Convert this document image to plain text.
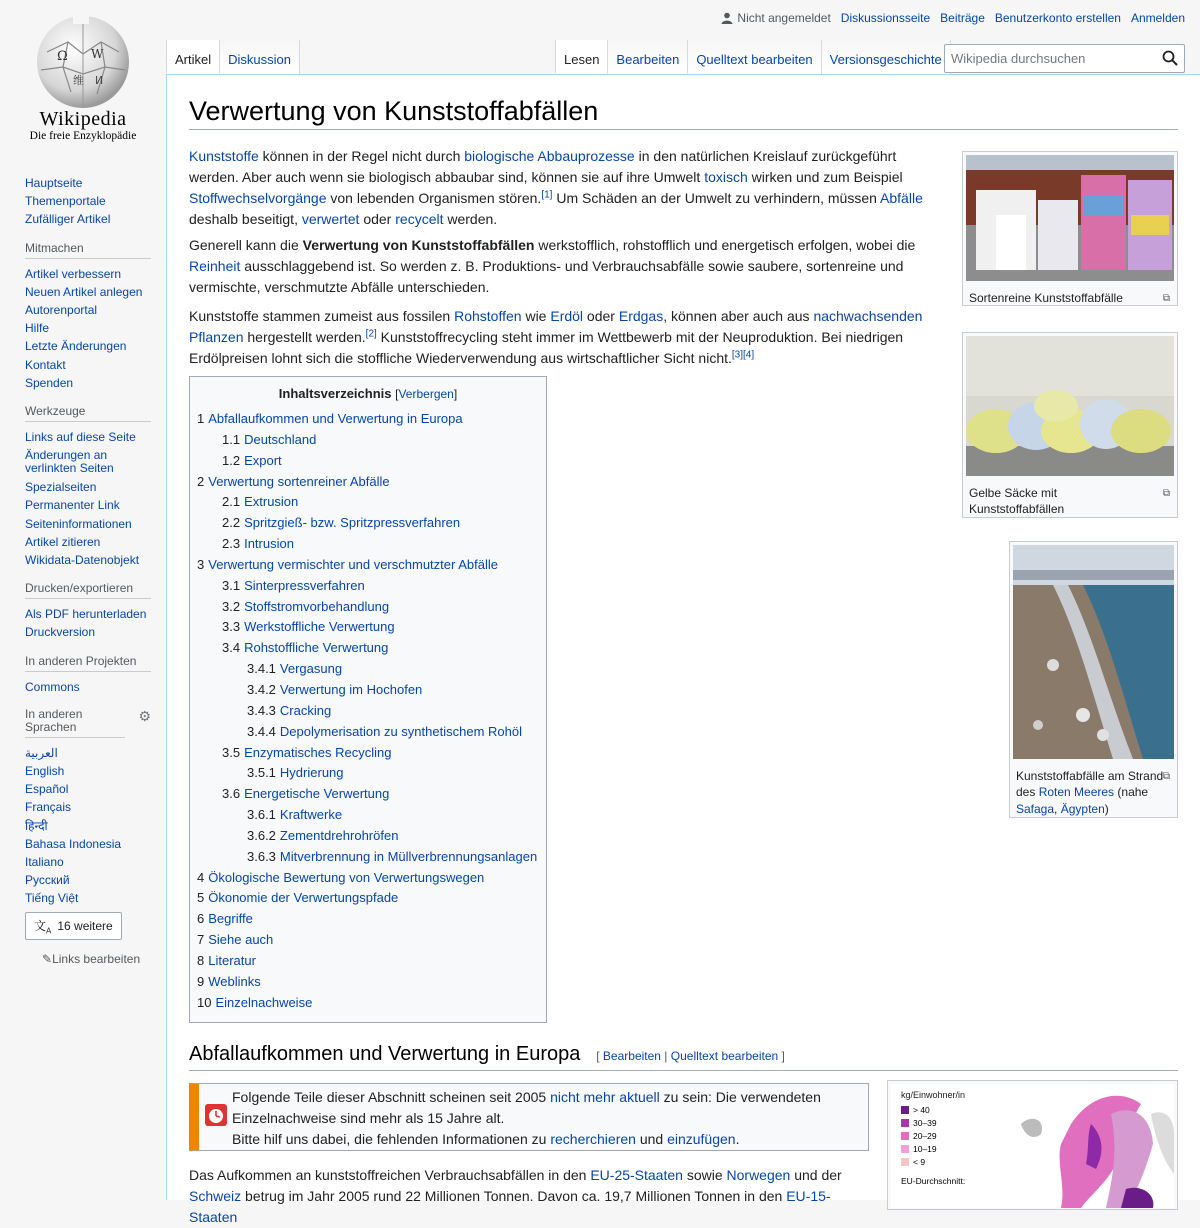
Ω W
维 И
Wikipedia
Die freie Enzyklopädie
Hauptseite
Themenportale
Zufälliger Artikel
Mitmachen
Artikel verbessern
Neuen Artikel anlegen
Autorenportal
Hilfe
Letzte Änderungen
Kontakt
Spenden
Werkzeuge
Links auf diese Seite
Änderungen an verlinkten Seiten
Spezialseiten
Permanenter Link
Seiteninformationen
Artikel zitieren
Wikidata-Datenobjekt
Drucken/exportieren
Als PDF herunterladen
Druckversion
In anderen Projekten
Commons
In anderen Sprachen
⚙
العربية
English
Español
Français
हिन्दी
Bahasa Indonesia
Italiano
Русский
Tiếng Việt
文$_A$ 16 weitere
✎Links bearbeiten
Nicht angemeldet Diskussionsseite Beiträge Benutzerkonto erstellen Anmelden
Artikel	Diskussion	Lesen	Bearbeiten	Quelltext bearbeiten	Versionsgeschichte Wikipedia durchsuchen
Verwertung von Kunststoffabfällen
Kunststoffe können in der Regel nicht durch biologische Abbauprozesse in den natürlichen Kreislauf zurückgeführt werden. Aber auch wenn sie biologisch abbaubar sind, können sie auf ihre Umwelt toxisch wirken und zum Beispiel Stoffwechselvorgänge von lebenden Organismen stören.[1] Um Schäden an der Umwelt zu verhindern, müssen Abfälle deshalb beseitigt, verwertet oder recycelt werden.
Generell kann die Verwertung von Kunststoffabfällen werkstofflich, rohstofflich und energetisch erfolgen, wobei die Reinheit ausschlaggebend ist. So werden z. B. Produktions- und Verbrauchsabfälle sowie saubere, sortenreine und vermischte, verschmutzte Abfälle unterschieden.
Kunststoffe stammen zumeist aus fossilen Rohstoffen wie Erdöl oder Erdgas, können aber auch aus nachwachsenden Pflanzen hergestellt werden.[2] Kunststoffrecycling steht immer im Wettbewerb mit der Neuproduktion. Bei niedrigen Erdölpreisen lohnt sich die stoffliche Wiederverwendung aus wirtschaftlicher Sicht nicht.[3][4]
Sortenreine Kunststoffabfälle	⧉
Gelbe Säcke mit Kunststoffabfällen
⧉
Kunststoffabfälle am Strand des Roten Meeres (nahe Safaga, Ägypten)
⧉
Inhaltsverzeichnis [Verbergen]
1 Abfallaufkommen und Verwertung in Europa
1.1 Deutschland
1.2 Export
2 Verwertung sortenreiner Abfälle
2.1 Extrusion
2.2 Spritzgieß- bzw. Spritzpressverfahren
2.3 Intrusion
3 Verwertung vermischter und verschmutzter Abfälle
3.1 Sinterpressverfahren
3.2 Stoffstromvorbehandlung
3.3 Werkstoffliche Verwertung
3.4 Rohstoffliche Verwertung
3.4.1 Vergasung
3.4.2 Verwertung im Hochofen
3.4.3 Cracking
3.4.4 Depolymerisation zu synthetischem Rohöl
3.5 Enzymatisches Recycling
3.5.1 Hydrierung
3.6 Energetische Verwertung
3.6.1 Kraftwerke
3.6.2 Zementdrehrohröfen
3.6.3 Mitverbrennung in Müllverbrennungsanlagen
4 Ökologische Bewertung von Verwertungswegen
5 Ökonomie der Verwertungspfade
6 Begriffe
7 Siehe auch
8 Literatur
9 Weblinks
10 Einzelnachweise
Abfallaufkommen und Verwertung in Europa [ Bearbeiten | Quelltext bearbeiten ]
Folgende Teile dieser Abschnitt scheinen seit 2005 nicht mehr aktuell zu sein: Die verwendeten Einzelnachweise sind mehr als 15 Jahre alt.
Bitte hilf uns dabei, die fehlenden Informationen zu recherchieren und einzufügen.
Das Aufkommen an kunststoffreichen Verbrauchsabfällen in den EU-25-Staaten sowie Norwegen und der Schweiz betrug im Jahr 2005 rund 22 Millionen Tonnen. Davon ca. 19,7 Millionen Tonnen in den EU-15-Staaten
kg/Einwohner/in
> 40
30–39
20–29
10–19
< 9
EU-Durchschnitt:
